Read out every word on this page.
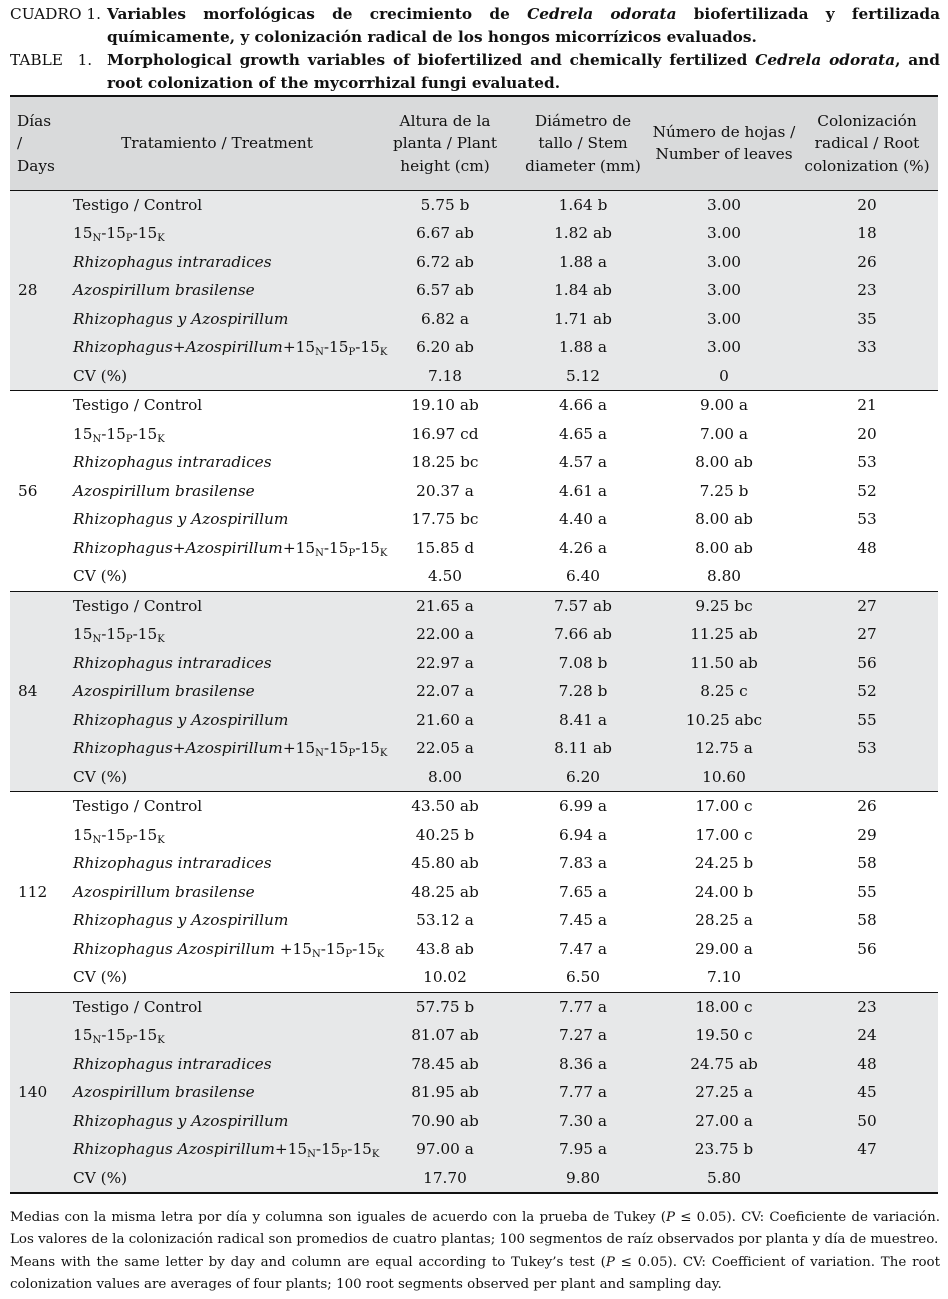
CUADRO 1. Variables morfológicas de crecimiento de Cedrela odorata biofertilizada y fertilizada químicamente, y colonización radical de los hongos micorrízicos evaluados.
TABLE   1. Morphological growth variables of biofertilized and chemically fertilized Cedrela odorata, and root colonization of the mycorrhizal fungi evaluated.
Días /
Days	Tratamiento / Treatment	Altura de la
planta / Plant
height (cm)	Diámetro de
tallo / Stem
diameter (mm)	Número de hojas /
Number of leaves	Colonización
radical / Root
colonization (%)
	Testigo / Control	5.75 b	1.64 b	3.00	20
	$15_N-15_P-15_K$	6.67 ab	1.82 ab	3.00	18
	Rhizophagus intraradices	6.72 ab	1.88 a	3.00	26
28	Azospirillum brasilense	6.57 ab	1.84 ab	3.00	23
	Rhizophagus y Azospirillum	6.82 a	1.71 ab	3.00	35
	$Rhizophagus+Azospirillum+15_N-15_P-15_K$	6.20 ab	1.88 a	3.00	33
	CV (%)	7.18	5.12	0	
	Testigo / Control	19.10 ab	4.66 a	9.00 a	21
	$15_N-15_P-15_K$	16.97 cd	4.65 a	7.00 a	20
	Rhizophagus intraradices	18.25 bc	4.57 a	8.00 ab	53
56	Azospirillum brasilense	20.37 a	4.61 a	7.25 b	52
	Rhizophagus y Azospirillum	17.75 bc	4.40 a	8.00 ab	53
	$Rhizophagus+Azospirillum+15_N-15_P-15_K$	15.85 d	4.26 a	8.00 ab	48
	CV (%)	4.50	6.40	8.80	
	Testigo / Control	21.65 a	7.57 ab	9.25 bc	27
	$15_N-15_P-15_K$	22.00 a	7.66 ab	11.25 ab	27
	Rhizophagus intraradices	22.97 a	7.08 b	11.50 ab	56
84	Azospirillum brasilense	22.07 a	7.28 b	8.25 c	52
	Rhizophagus y Azospirillum	21.60 a	8.41 a	10.25 abc	55
	$Rhizophagus+Azospirillum+15_N-15_P-15_K$	22.05 a	8.11 ab	12.75 a	53
	CV (%)	8.00	6.20	10.60	
	Testigo / Control	43.50 ab	6.99 a	17.00 c	26
	$15_N-15_P-15_K$	40.25 b	6.94 a	17.00 c	29
	Rhizophagus intraradices	45.80 ab	7.83 a	24.25 b	58
112	Azospirillum brasilense	48.25 ab	7.65 a	24.00 b	55
	Rhizophagus y Azospirillum	53.12 a	7.45 a	28.25 a	58
	Rhizophagus Azospirillum $+15_N-15_P-15_K$	43.8 ab	7.47 a	29.00 a	56
	CV (%)	10.02	6.50	7.10	
	Testigo / Control	57.75 b	7.77 a	18.00 c	23
	$15_N-15_P-15_K$	81.07 ab	7.27 a	19.50 c	24
	Rhizophagus intraradices	78.45 ab	8.36 a	24.75 ab	48
140	Azospirillum brasilense	81.95 ab	7.77 a	27.25 a	45
	Rhizophagus y Azospirillum	70.90 ab	7.30 a	27.00 a	50
	Rhizophagus $Azospirillum+15_N-15_P-15_K$	97.00 a	7.95 a	23.75 b	47
	CV (%)	17.70	9.80	5.80	

Medias con la misma letra por día y columna son iguales de acuerdo con la prueba de Tukey (P ≤ 0.05). CV: Coeficiente de variación. Los valores de la colonización radical son promedios de cuatro plantas; 100 segmentos de raíz observados por planta y día de muestreo.

Means with the same letter by day and column are equal according to Tukey’s test (P ≤ 0.05). CV: Coefficient of variation. The root colonization values are averages of four plants; 100 root segments observed per plant and sampling day.
